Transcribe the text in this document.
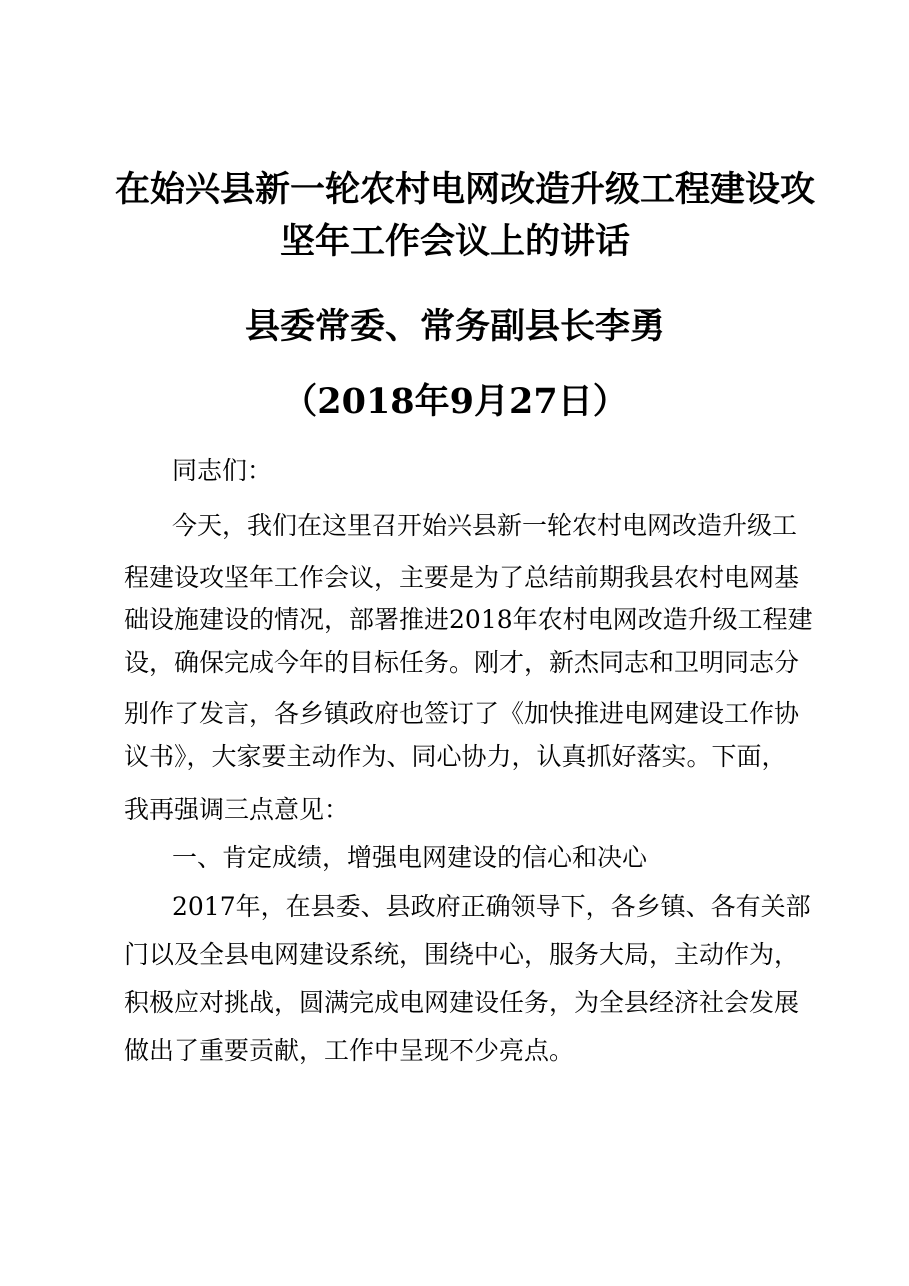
在始兴县新一轮农村电网改造升级工程建设攻
坚年工作会议上的讲话
县委常委、常务副县长李勇
（2018年9月27日）
同志们：
今天，我们在这里召开始兴县新一轮农村电网改造升级工
程建设攻坚年工作会议，主要是为了总结前期我县农村电网基
础设施建设的情况，部署推进2018年农村电网改造升级工程建
设，确保完成今年的目标任务。刚才，新杰同志和卫明同志分
别作了发言，各乡镇政府也签订了《加快推进电网建设工作协
议书》，大家要主动作为、同心协力，认真抓好落实。下面，
我再强调三点意见：
一、肯定成绩，增强电网建设的信心和决心
2017年，在县委、县政府正确领导下，各乡镇、各有关部
门以及全县电网建设系统，围绕中心，服务大局，主动作为，
积极应对挑战，圆满完成电网建设任务，为全县经济社会发展
做出了重要贡献，工作中呈现不少亮点。
